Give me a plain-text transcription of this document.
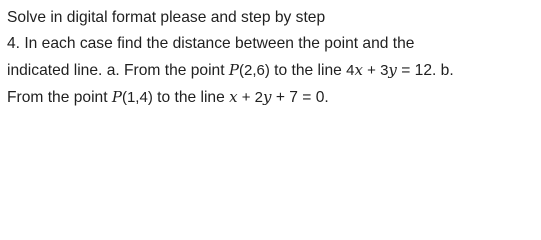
Solve in digital format please and step by step
4. In each case find the distance between the point and the
indicated line. a. From the point P(2,6) to the line 4x + 3y = 12. b.
From the point P(1,4) to the line x + 2y + 7 = 0.
